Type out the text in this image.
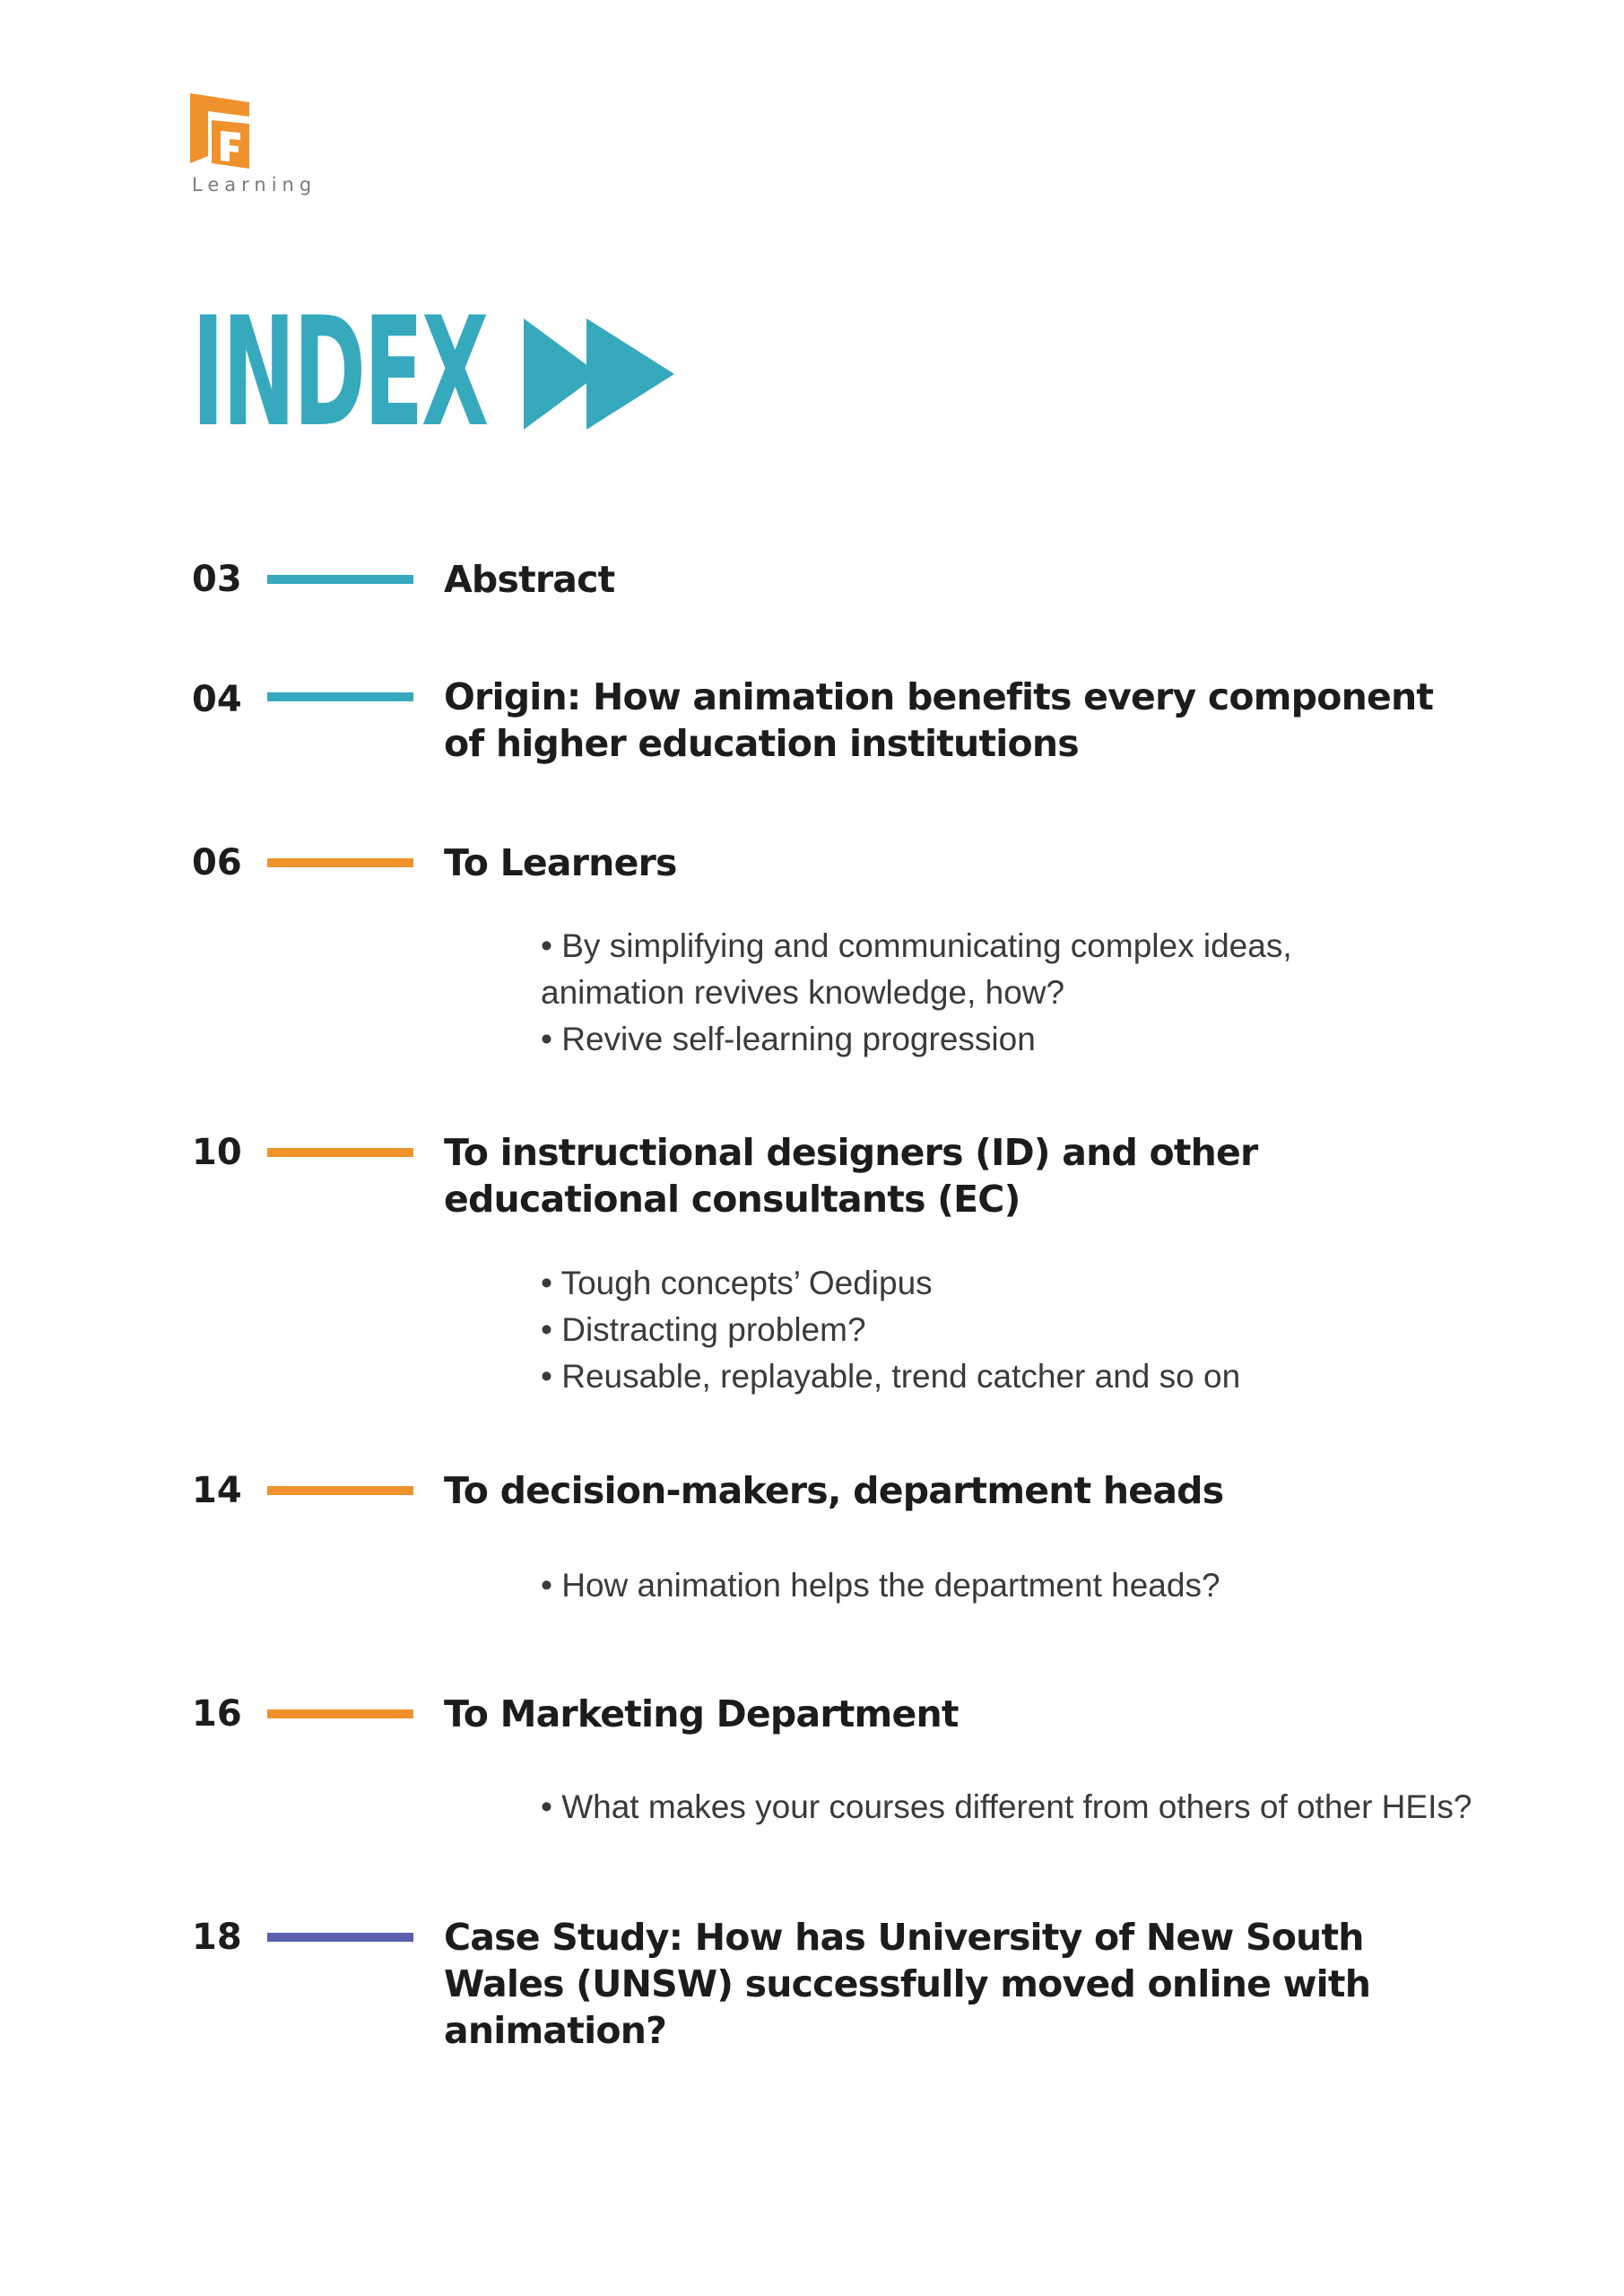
Learning
INDEX
03	Abstract
04	Origin: How animation benefits every component
of higher education institutions
06	To Learners
• By simplifying and communicating complex ideas,
animation revives knowledge, how?
• Revive self-learning progression
10	To instructional designers (ID) and other
educational consultants (EC)
• Tough concepts’ Oedipus
• Distracting problem?
• Reusable, replayable, trend catcher and so on
14	To decision-makers, department heads
• How animation helps the department heads?
16	To Marketing Department
• What makes your courses different from others of other HEIs?
18	Case Study: How has University of New South
Wales (UNSW) successfully moved online with
animation?
